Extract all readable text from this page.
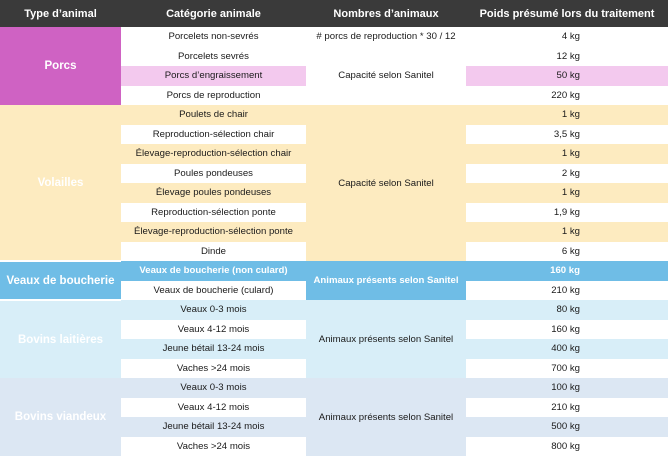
Type d’animal	Catégorie animale	Nombres d’animaux	Poids présumé lors du traitement
Porcs	Porcelets non-sevrés	# porcs de reproduction * 30 / 12	4 kg
	Porcelets sevrés	Capacité selon Sanitel	12 kg
	Porcs d’engraissement		50 kg
	Porcs de reproduction		220 kg
Volailles	Poulets de chair	Capacité selon Sanitel	1 kg
	Reproduction-sélection chair		3,5 kg
	Élevage-reproduction-sélection chair		1 kg
	Poules pondeuses		2 kg
	Élevage poules pondeuses		1 kg
	Reproduction-sélection ponte		1,9 kg
	Élevage-reproduction-sélection ponte		1 kg
	Dinde		6 kg
Veaux de boucherie	Veaux de boucherie (non culard)	Animaux présents selon Sanitel	160 kg
	Veaux de boucherie (culard)		210 kg
Bovins laitières	Veaux 0-3 mois	Animaux présents selon Sanitel	80 kg
	Veaux 4-12 mois		160 kg
	Jeune bétail 13-24 mois		400 kg
	Vaches >24 mois		700 kg
Bovins viandeux	Veaux 0-3 mois	Animaux présents selon Sanitel	100 kg
	Veaux 4-12 mois		210 kg
	Jeune bétail 13-24 mois		500 kg
	Vaches >24 mois		800 kg
